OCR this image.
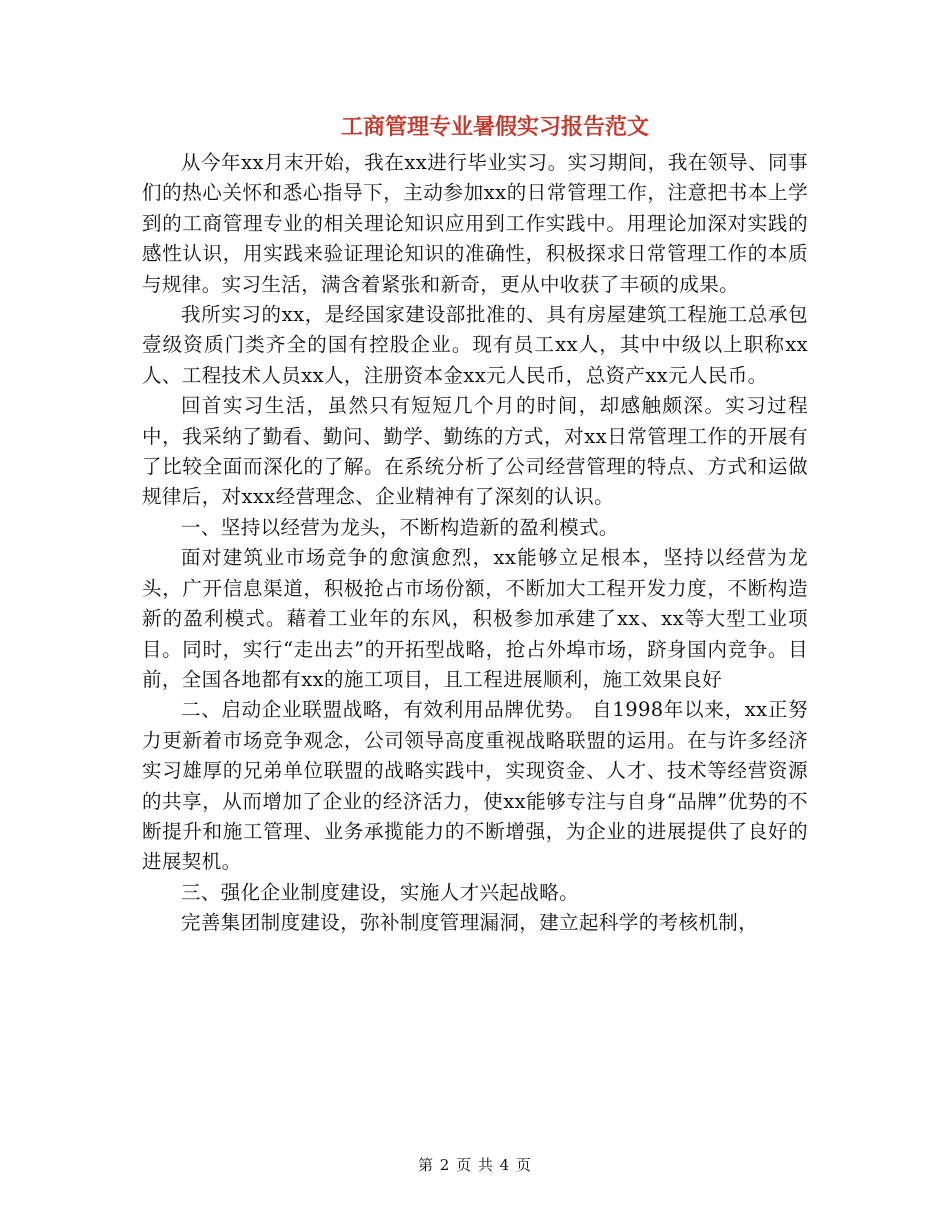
工商管理专业暑假实习报告范文

从今年xx月末开始，我在xx进行毕业实习。实习期间，我在领导、同事们的热心关怀和悉心指导下，主动参加xx的日常管理工作，注意把书本上学到的工商管理专业的相关理论知识应用到工作实践中。用理论加深对实践的感性认识，用实践来验证理论知识的准确性，积极探求日常管理工作的本质与规律。实习生活，满含着紧张和新奇，更从中收获了丰硕的成果。

我所实习的xx，是经国家建设部批准的、具有房屋建筑工程施工总承包壹级资质门类齐全的国有控股企业。现有员工xx人，其中中级以上职称xx人、工程技术人员xx人，注册资本金xx元人民币，总资产xx元人民币。

回首实习生活，虽然只有短短几个月的时间，却感触颇深。实习过程中，我采纳了勤看、勤问、勤学、勤练的方式，对xx日常管理工作的开展有了比较全面而深化的了解。在系统分析了公司经营管理的特点、方式和运做规律后，对xxx经营理念、企业精神有了深刻的认识。

一、坚持以经营为龙头，不断构造新的盈利模式。

面对建筑业市场竞争的愈演愈烈，xx能够立足根本，坚持以经营为龙头，广开信息渠道，积极抢占市场份额，不断加大工程开发力度，不断构造新的盈利模式。藉着工业年的东风，积极参加承建了xx、xx等大型工业项目。同时，实行“走出去”的开拓型战略，抢占外埠市场，跻身国内竞争。目前，全国各地都有xx的施工项目，且工程进展顺利，施工效果良好

二、启动企业联盟战略，有效利用品牌优势。 自1998年以来，xx正努力更新着市场竞争观念，公司领导高度重视战略联盟的运用。在与许多经济实习雄厚的兄弟单位联盟的战略实践中，实现资金、人才、技术等经营资源的共享，从而增加了企业的经济活力，使xx能够专注与自身“品牌”优势的不断提升和施工管理、业务承揽能力的不断增强，为企业的进展提供了良好的进展契机。

三、强化企业制度建设，实施人才兴起战略。

完善集团制度建设，弥补制度管理漏洞，建立起科学的考核机制，

第 2 页 共 4 页
